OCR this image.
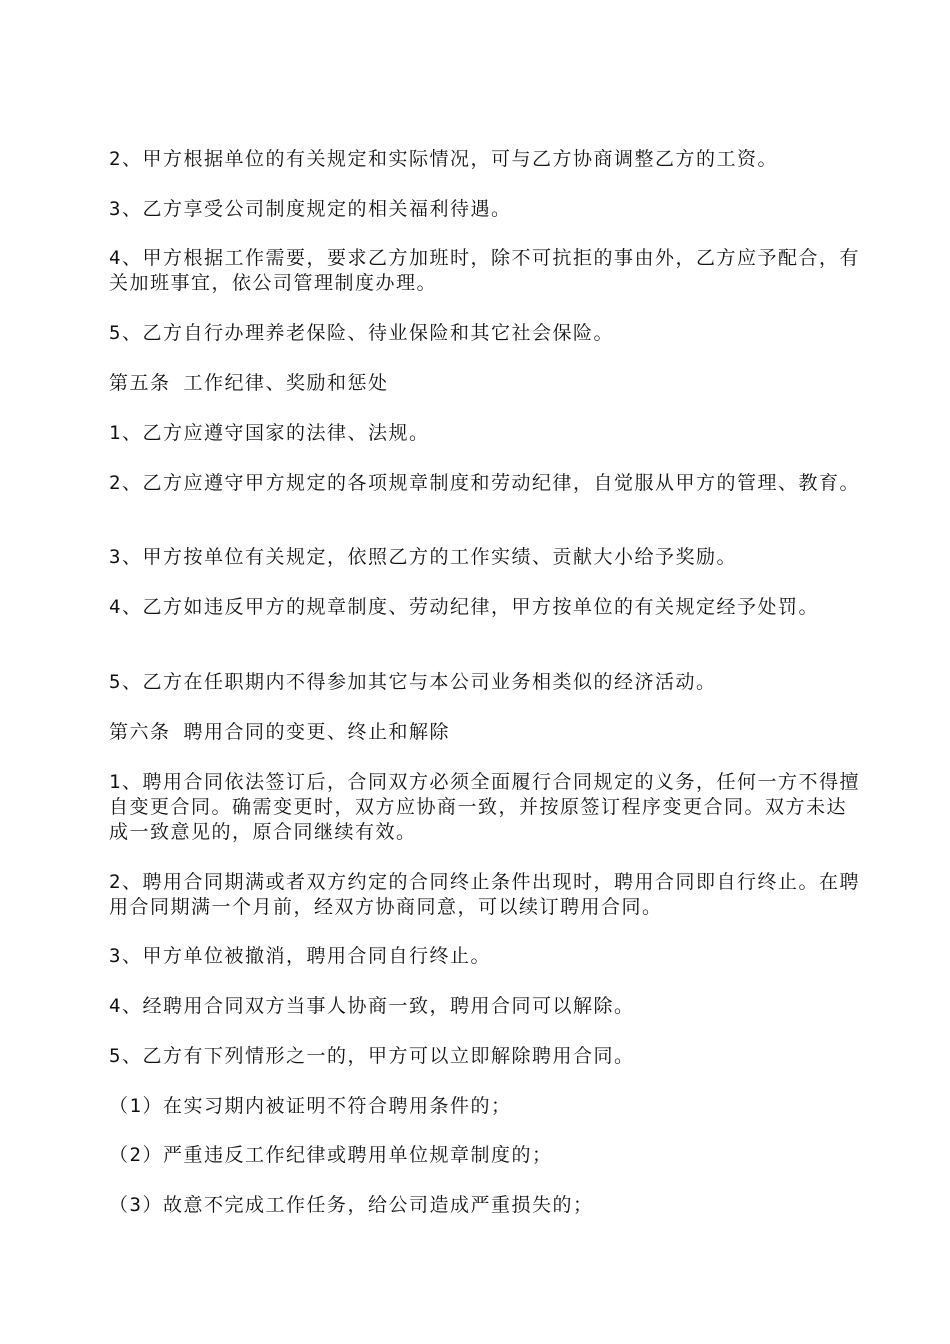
2、甲方根据单位的有关规定和实际情况，可与乙方协商调整乙方的工资。

3、乙方享受公司制度规定的相关福利待遇。

4、甲方根据工作需要，要求乙方加班时，除不可抗拒的事由外，乙方应予配合，有关加班事宜，依公司管理制度办理。

5、乙方自行办理养老保险、待业保险和其它社会保险。

第五条 工作纪律、奖励和惩处

1、乙方应遵守国家的法律、法规。

2、乙方应遵守甲方规定的各项规章制度和劳动纪律，自觉服从甲方的管理、教育。

3、甲方按单位有关规定，依照乙方的工作实绩、贡献大小给予奖励。

4、乙方如违反甲方的规章制度、劳动纪律，甲方按单位的有关规定经予处罚。

5、乙方在任职期内不得参加其它与本公司业务相类似的经济活动。

第六条 聘用合同的变更、终止和解除

1、聘用合同依法签订后，合同双方必须全面履行合同规定的义务，任何一方不得擅自变更合同。确需变更时，双方应协商一致，并按原签订程序变更合同。双方未达成一致意见的，原合同继续有效。

2、聘用合同期满或者双方约定的合同终止条件出现时，聘用合同即自行终止。在聘用合同期满一个月前，经双方协商同意，可以续订聘用合同。

3、甲方单位被撤消，聘用合同自行终止。

4、经聘用合同双方当事人协商一致，聘用合同可以解除。

5、乙方有下列情形之一的，甲方可以立即解除聘用合同。

（1）在实习期内被证明不符合聘用条件的；

（2）严重违反工作纪律或聘用单位规章制度的；

（3）故意不完成工作任务，给公司造成严重损失的；
